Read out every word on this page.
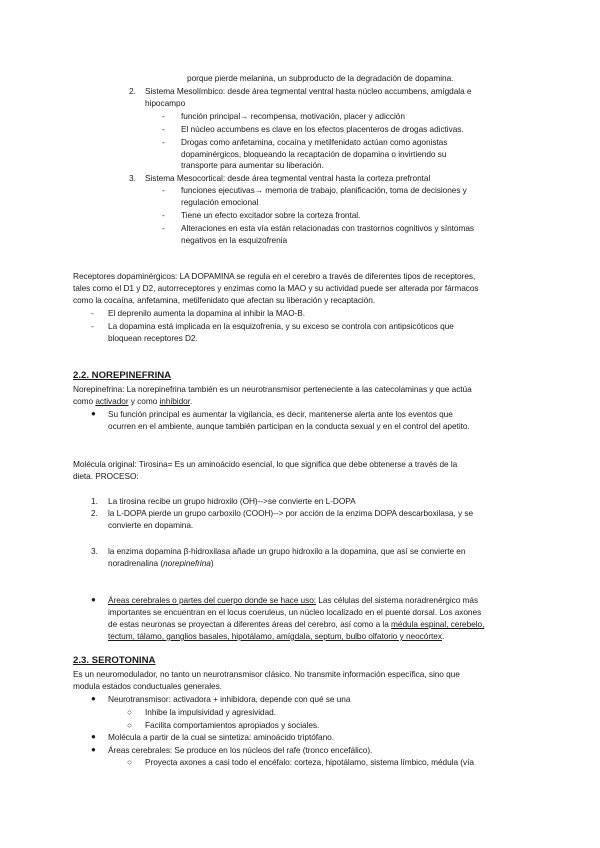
porque pierde melanina, un subproducto de la degradación de dopamina.
2. Sistema Mesolímbico: desde área tegmental ventral hasta núcleo accumbens, amígdala e
hipocampo
- función principal→ recompensa, motivación, placer y adicción
- El núcleo accumbens es clave en los efectos placenteros de drogas adictivas.
- Drogas como anfetamina, cocaína y metilfenidato actúan como agonistas
dopaminérgicos, bloqueando la recaptación de dopamina o invirtiendo su
transporte para aumentar su liberación.
3. Sistema Mesocortical: desde área tegmental ventral hasta la corteza prefrontal
- funciones ejecutivas→ memoria de trabajo, planificación, toma de decisiones y
regulación emocional
- Tiene un efecto excitador sobre la corteza frontal.
- Alteraciones en esta vía están relacionadas con trastornos cognitivos y síntomas
negativos en la esquizofrenia
Receptores dopaminérgicos: LA DOPAMINA se regula en el cerebro a través de diferentes tipos de receptores,
tales como el D1 y D2, autorreceptores y enzimas como la MAO y su actividad puede ser alterada por fármacos
como la cocaína, anfetamina, metilfenidato que afectan su liberación y recaptación.
- El deprenilo aumenta la dopamina al inhibir la MAO-B.
- La dopamina está implicada en la esquizofrenia, y su exceso se controla con antipsicóticos que
bloquean receptores D2.
2.2. NOREPINEFRINA
Norepinefrina: La norepinefrina también es un neurotransmisor perteneciente a las catecolaminas y que actúa
como activador y como inhibidor.
● Su función principal es aumentar la vigilancia, es decir, mantenerse alerta ante los eventos que
ocurren en el ambiente, aunque también participan en la conducta sexual y en el control del apetito.
Molécula original: Tirosina= Es un aminoácido esencial, lo que significa que debe obtenerse a través de la
dieta. PROCESO:
1. La tirosina recibe un grupo hidroxilo (OH)-->se convierte en L-DOPA
2. la L-DOPA pierde un grupo carboxilo (COOH)--> por acción de la enzima DOPA descarboxilasa, y se
convierte en dopamina.
3. la enzima dopamina β-hidroxilasa añade un grupo hidroxilo a la dopamina, que así se convierte en
noradrenalina (norepinefrina)
● Áreas cerebrales o partes del cuerpo donde se hace uso: Las células del sistema noradrenérgico más
importantes se encuentran en el locus coeruleus, un núcleo localizado en el puente dorsal. Los axones
de estas neuronas se proyectan a diferentes áreas del cerebro, así como a la médula espinal, cerebelo,
tectum, tálamo, ganglios basales, hipotálamo, amígdala, septum, bulbo olfatorio y neocórtex.
2.3. SEROTONINA
Es un neuromodulador, no tanto un neurotransmisor clásico. No transmite información específica, sino que
modula estados conductuales generales.
● Neurotransmisor: activadora + inhibidora, depende con qué se una
○ Inhibe la impulsividad y agresividad.
○ Facilita comportamientos apropiados y sociales.
● Molécula a partir de la cual se sintetiza: aminoácido triptófano.
● Áreas cerebrales: Se produce en los núcleos del rafe (tronco encefálico).
○ Proyecta axones a casi todo el encéfalo: corteza, hipotálamo, sistema límbico, médula (vía
